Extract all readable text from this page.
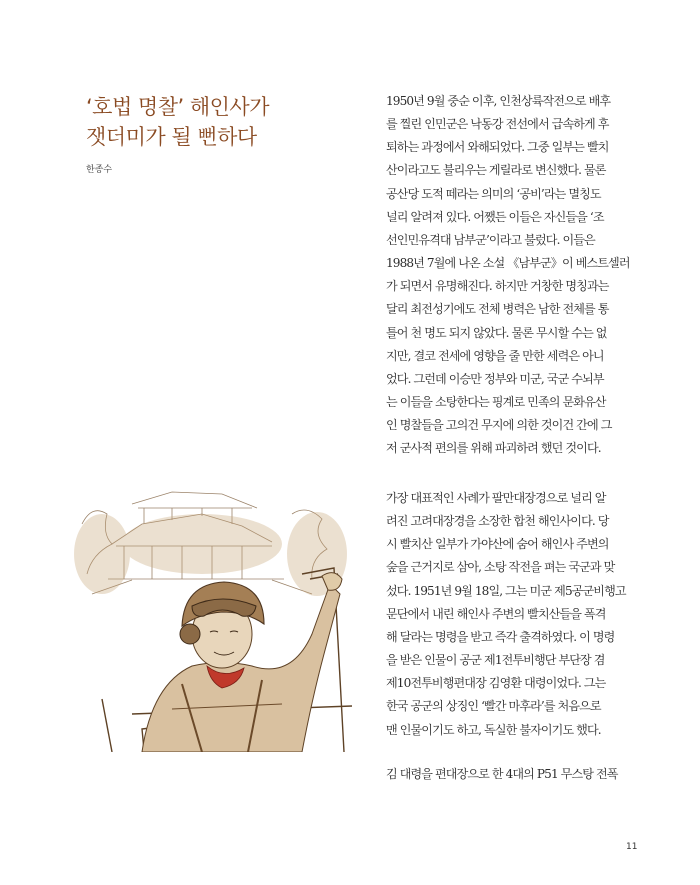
‘호법 명찰’ 해인사가
잿더미가 될 뻔하다
한종수
1950년 9월 중순 이후, 인천상륙작전으로 배후
를 찔린 인민군은 낙동강 전선에서 급속하게 후
퇴하는 과정에서 와해되었다. 그중 일부는 빨치
산이라고도 불리우는 게릴라로 변신했다. 물론
공산당 도적 떼라는 의미의 ‘공비’라는 멸칭도
널리 알려져 있다. 어쨌든 이들은 자신들을 ‘조
선인민유격대 남부군’이라고 불렀다. 이들은
1988년 7월에 나온 소설 《남부군》이 베스트셀러
가 되면서 유명해진다. 하지만 거창한 명칭과는
달리 최전성기에도 전체 병력은 남한 전체를 통
틀어 천 명도 되지 않았다. 물론 무시할 수는 없
지만, 결코 전세에 영향을 줄 만한 세력은 아니
었다. 그런데 이승만 정부와 미군, 국군 수뇌부
는 이들을 소탕한다는 핑계로 민족의 문화유산
인 명찰들을 고의건 무지에 의한 것이건 간에 그
저 군사적 편의를 위해 파괴하려 했던 것이다.
가장 대표적인 사례가 팔만대장경으로 널리 알
려진 고려대장경을 소장한 합천 해인사이다. 당
시 빨치산 일부가 가야산에 숨어 해인사 주변의
숲을 근거지로 삼아, 소탕 작전을 펴는 국군과 맞
섰다. 1951년 9월 18일, 그는 미군 제5공군비행고
문단에서 내린 해인사 주변의 빨치산들을 폭격
해 달라는 명령을 받고 즉각 출격하였다. 이 명령
을 받은 인물이 공군 제1전투비행단 부단장 겸
제10전투비행편대장 김영환 대령이었다. 그는
한국 공군의 상징인 ‘빨간 마후라’를 처음으로
맨 인물이기도 하고, 독실한 불자이기도 했다.
김 대령을 편대장으로 한 4대의 P51 무스탕 전폭
11
